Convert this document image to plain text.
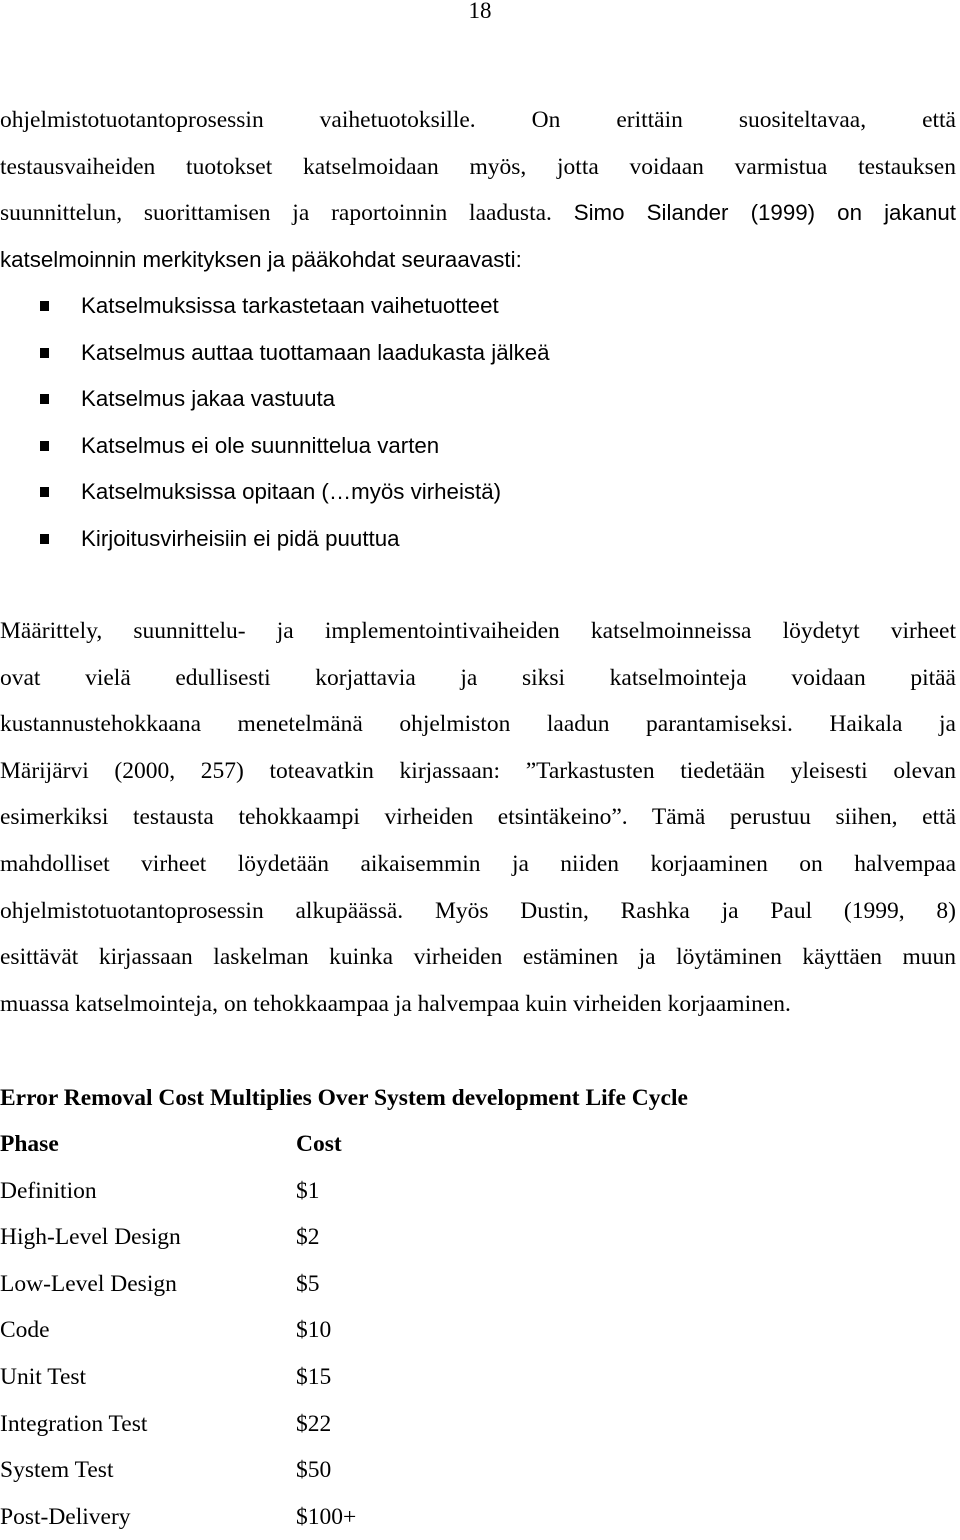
18
ohjelmistotuotantoprosessin vaihetuotoksille. On erittäin suositeltavaa, että
testausvaiheiden tuotokset katselmoidaan myös, jotta voidaan varmistua testauksen
suunnittelun, suorittamisen ja raportoinnin laadusta. Simo Silander (1999) on jakanut
katselmoinnin merkityksen ja pääkohdat seuraavasti:
Katselmuksissa tarkastetaan vaihetuotteet
Katselmus auttaa tuottamaan laadukasta jälkeä
Katselmus jakaa vastuuta
Katselmus ei ole suunnittelua varten
Katselmuksissa opitaan (…myös virheistä)
Kirjoitusvirheisiin ei pidä puuttua
Määrittely, suunnittelu- ja implementointivaiheiden katselmoinneissa löydetyt virheet
ovat vielä edullisesti korjattavia ja siksi katselmointeja voidaan pitää
kustannustehokkaana menetelmänä ohjelmiston laadun parantamiseksi. Haikala ja
Märijärvi (2000, 257) toteavatkin kirjassaan: ”Tarkastusten tiedetään yleisesti olevan
esimerkiksi testausta tehokkaampi virheiden etsintäkeino”. Tämä perustuu siihen, että
mahdolliset virheet löydetään aikaisemmin ja niiden korjaaminen on halvempaa
ohjelmistotuotantoprosessin alkupäässä. Myös Dustin, Rashka ja Paul (1999, 8)
esittävät kirjassaan laskelman kuinka virheiden estäminen ja löytäminen käyttäen muun
muassa katselmointeja, on tehokkaampaa ja halvempaa kuin virheiden korjaaminen.
Error Removal Cost Multiplies Over System development Life Cycle
Phase	Cost
Definition	$1
High-Level Design	$2
Low-Level Design	$5
Code	$10
Unit Test	$15
Integration Test	$22
System Test	$50
Post-Delivery	$100+
